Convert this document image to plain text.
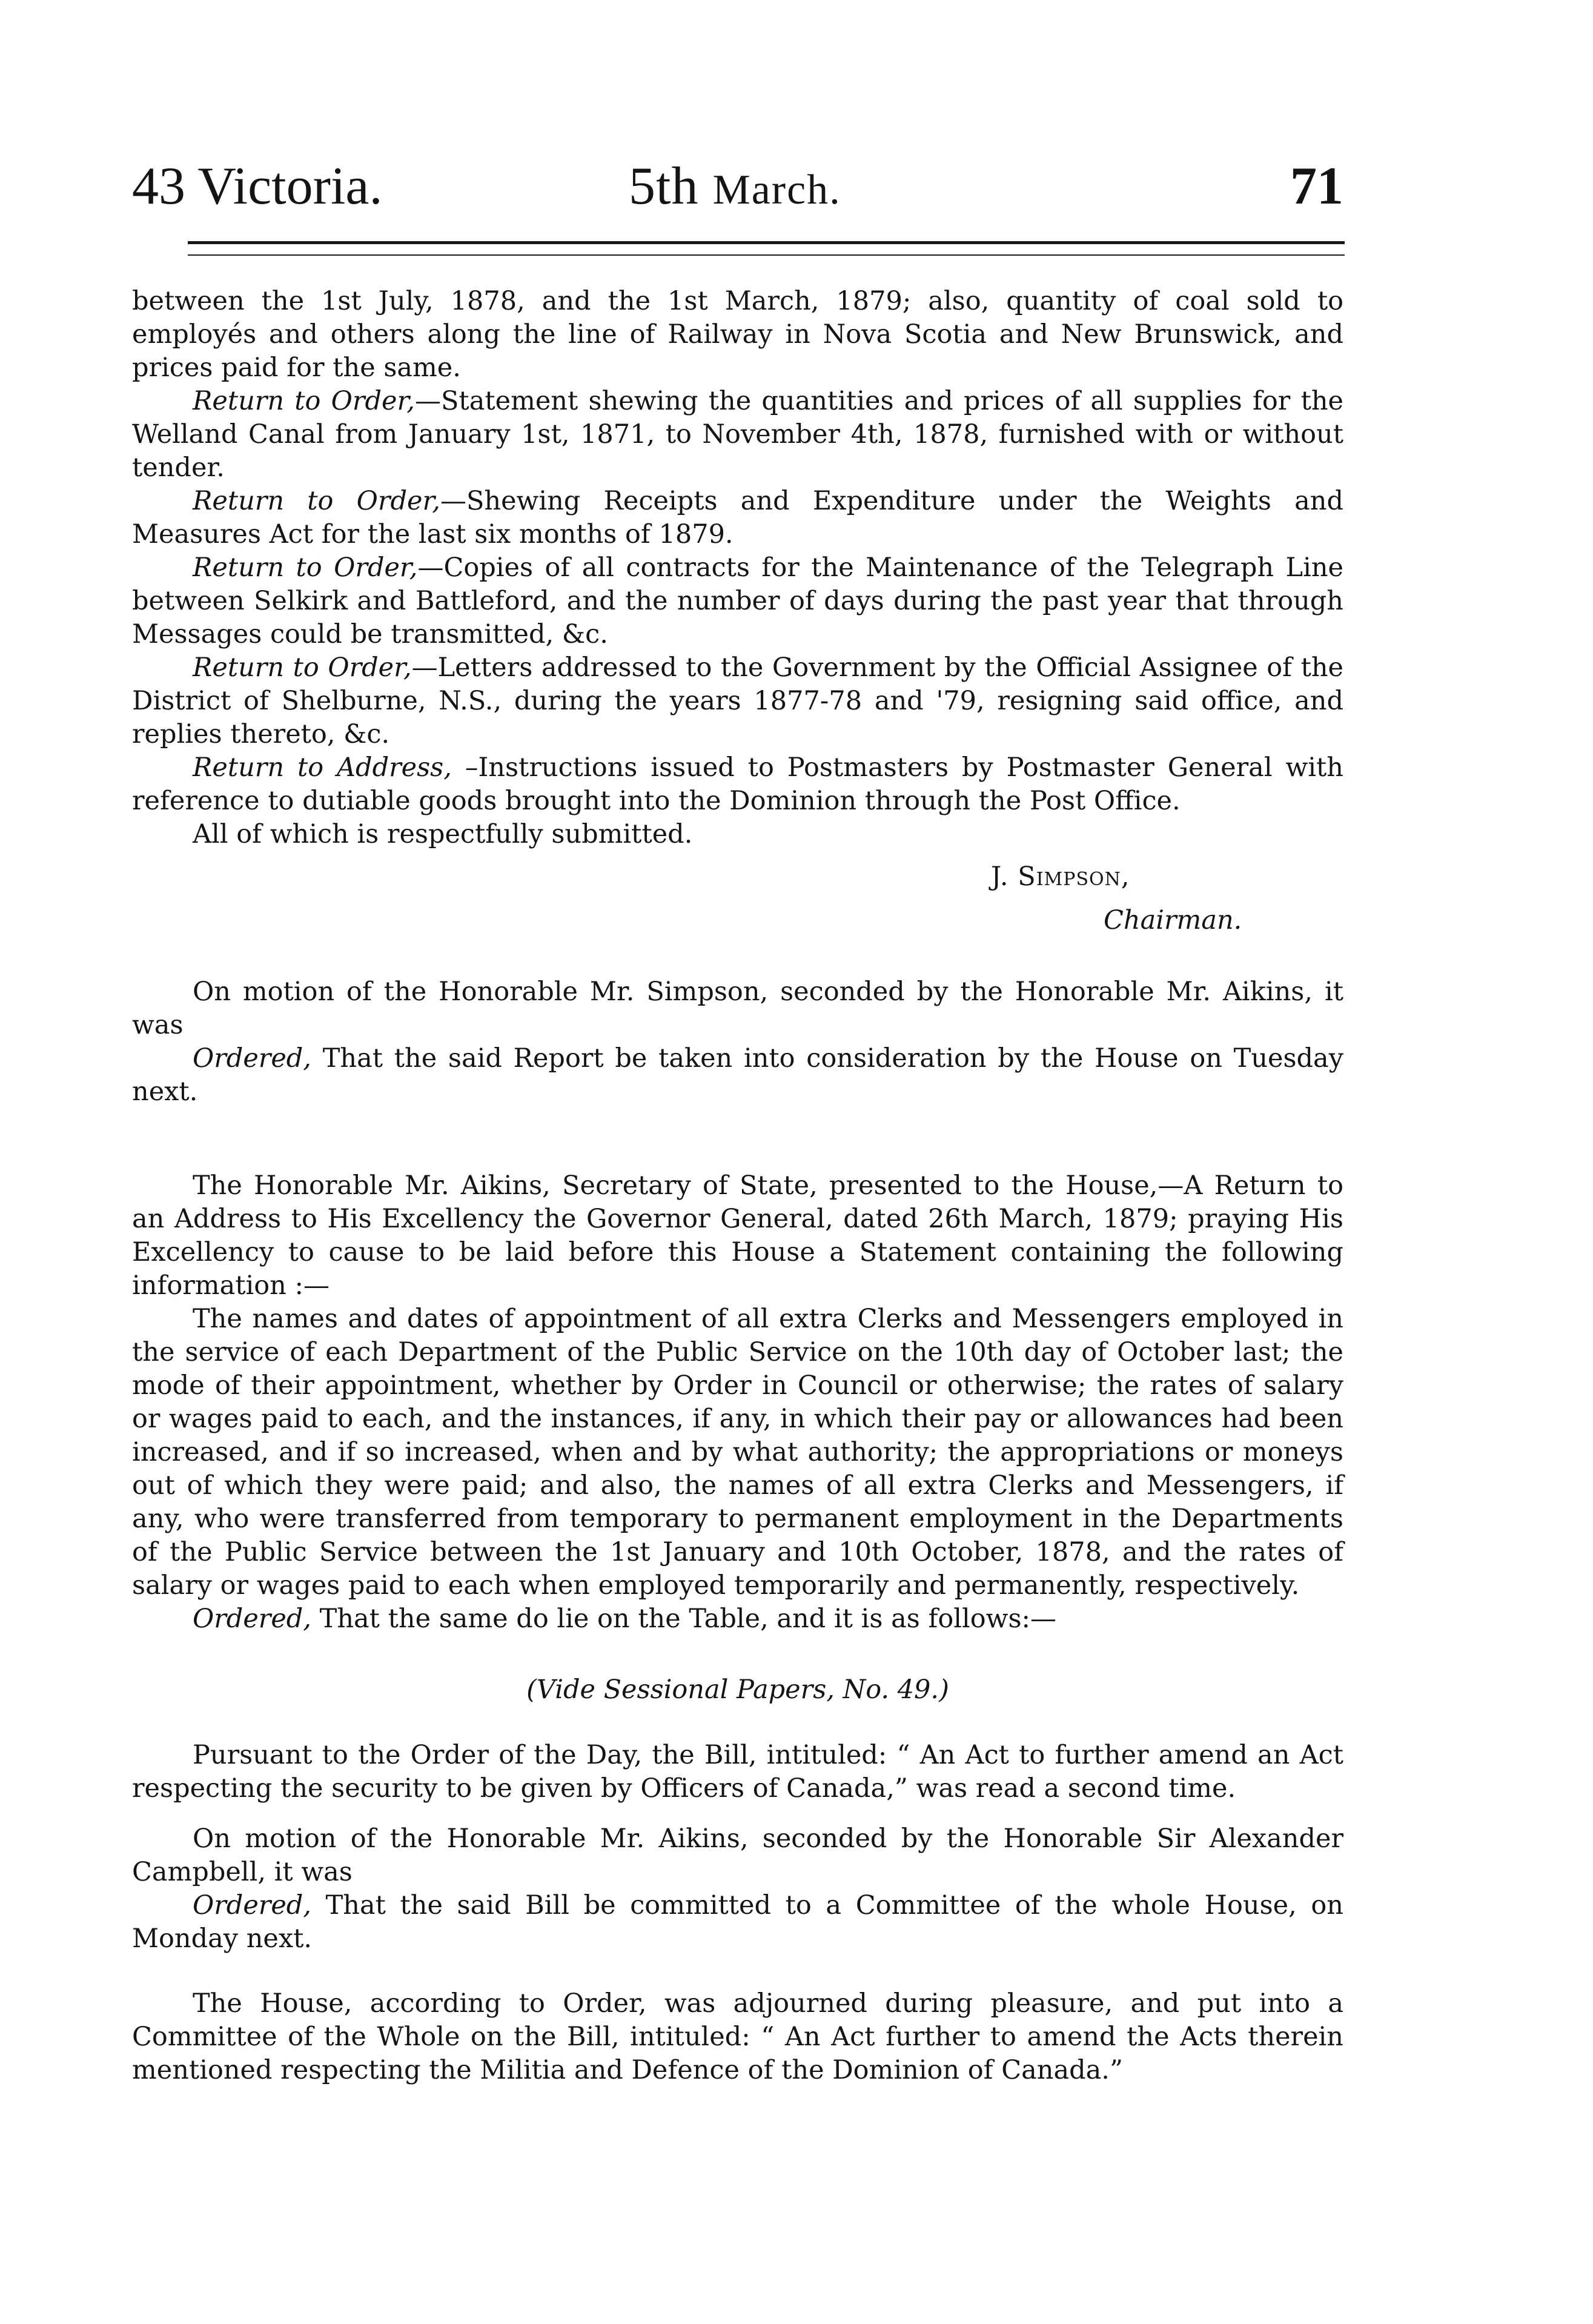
43 Victoria.	5th March.	71

between the 1st July, 1878, and the 1st March, 1879; also, quantity of coal sold to employés and others along the line of Railway in Nova Scotia and New Brunswick, and prices paid for the same.

Return to Order,—Statement shewing the quantities and prices of all supplies for the Welland Canal from January 1st, 1871, to November 4th, 1878, furnished with or without tender.

Return to Order,—Shewing Receipts and Expenditure under the Weights and Measures Act for the last six months of 1879.

Return to Order,—Copies of all contracts for the Maintenance of the Telegraph Line between Selkirk and Battleford, and the number of days during the past year that through Messages could be transmitted, &c.

Return to Order,—Letters addressed to the Government by the Official Assignee of the District of Shelburne, N.S., during the years 1877-78 and '79, resigning said office, and replies thereto, &c.

Return to Address, –Instructions issued to Postmasters by Postmaster General with reference to dutiable goods brought into the Dominion through the Post Office.

All of which is respectfully submitted.

J. Simpson,
Chairman.

On motion of the Honorable Mr. Simpson, seconded by the Honorable Mr. Aikins, it was

Ordered, That the said Report be taken into consideration by the House on Tuesday next.

The Honorable Mr. Aikins, Secretary of State, presented to the House,—A Return to an Address to His Excellency the Governor General, dated 26th March, 1879; praying His Excellency to cause to be laid before this House a Statement containing the following information :—

The names and dates of appointment of all extra Clerks and Messengers employed in the service of each Department of the Public Service on the 10th day of October last; the mode of their appointment, whether by Order in Council or otherwise; the rates of salary or wages paid to each, and the instances, if any, in which their pay or allowances had been increased, and if so increased, when and by what authority; the appropriations or moneys out of which they were paid; and also, the names of all extra Clerks and Messengers, if any, who were transferred from temporary to permanent employment in the Departments of the Public Service between the 1st January and 10th October, 1878, and the rates of salary or wages paid to each when employed temporarily and permanently, respectively.

Ordered, That the same do lie on the Table, and it is as follows:—

(Vide Sessional Papers, No. 49.)

Pursuant to the Order of the Day, the Bill, intituled: “ An Act to further amend an Act respecting the security to be given by Officers of Canada,” was read a second time.

On motion of the Honorable Mr. Aikins, seconded by the Honorable Sir Alexander Campbell, it was

Ordered, That the said Bill be committed to a Committee of the whole House, on Monday next.

The House, according to Order, was adjourned during pleasure, and put into a Committee of the Whole on the Bill, intituled: “ An Act further to amend the Acts therein mentioned respecting the Militia and Defence of the Dominion of Canada.”
